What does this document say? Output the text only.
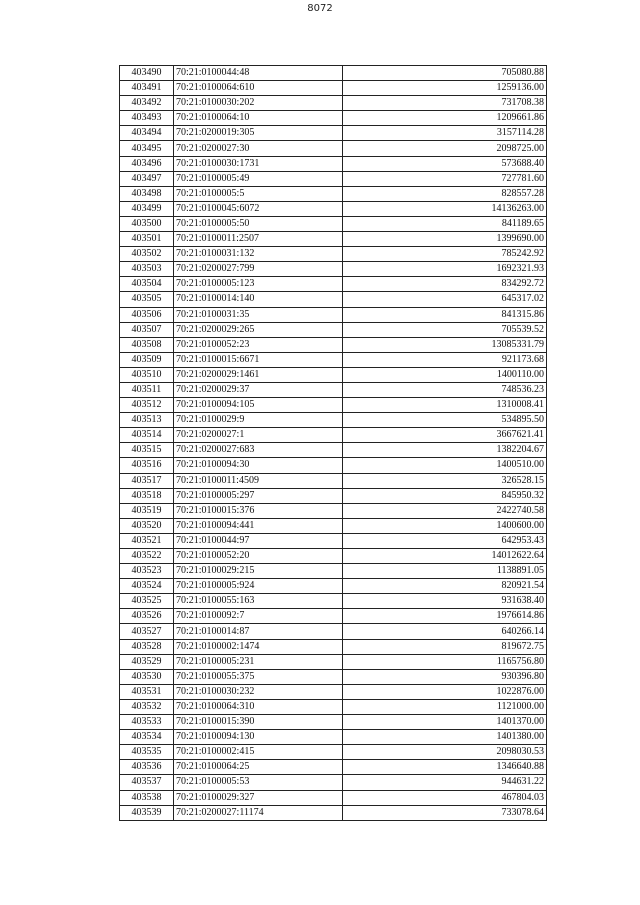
8072
403490	70:21:0100044:48	705080.88
403491	70:21:0100064:610	1259136.00
403492	70:21:0100030:202	731708.38
403493	70:21:0100064:10	1209661.86
403494	70:21:0200019:305	3157114.28
403495	70:21:0200027:30	2098725.00
403496	70:21:0100030:1731	573688.40
403497	70:21:0100005:49	727781.60
403498	70:21:0100005:5	828557.28
403499	70:21:0100045:6072	14136263.00
403500	70:21:0100005:50	841189.65
403501	70:21:0100011:2507	1399690.00
403502	70:21:0100031:132	785242.92
403503	70:21:0200027:799	1692321.93
403504	70:21:0100005:123	834292.72
403505	70:21:0100014:140	645317.02
403506	70:21:0100031:35	841315.86
403507	70:21:0200029:265	705539.52
403508	70:21:0100052:23	13085331.79
403509	70:21:0100015:6671	921173.68
403510	70:21:0200029:1461	1400110.00
403511	70:21:0200029:37	748536.23
403512	70:21:0100094:105	1310008.41
403513	70:21:0100029:9	534895.50
403514	70:21:0200027:1	3667621.41
403515	70:21:0200027:683	1382204.67
403516	70:21:0100094:30	1400510.00
403517	70:21:0100011:4509	326528.15
403518	70:21:0100005:297	845950.32
403519	70:21:0100015:376	2422740.58
403520	70:21:0100094:441	1400600.00
403521	70:21:0100044:97	642953.43
403522	70:21:0100052:20	14012622.64
403523	70:21:0100029:215	1138891.05
403524	70:21:0100005:924	820921.54
403525	70:21:0100055:163	931638.40
403526	70:21:0100092:7	1976614.86
403527	70:21:0100014:87	640266.14
403528	70:21:0100002:1474	819672.75
403529	70:21:0100005:231	1165756.80
403530	70:21:0100055:375	930396.80
403531	70:21:0100030:232	1022876.00
403532	70:21:0100064:310	1121000.00
403533	70:21:0100015:390	1401370.00
403534	70:21:0100094:130	1401380.00
403535	70:21:0100002:415	2098030.53
403536	70:21:0100064:25	1346640.88
403537	70:21:0100005:53	944631.22
403538	70:21:0100029:327	467804.03
403539	70:21:0200027:11174	733078.64
